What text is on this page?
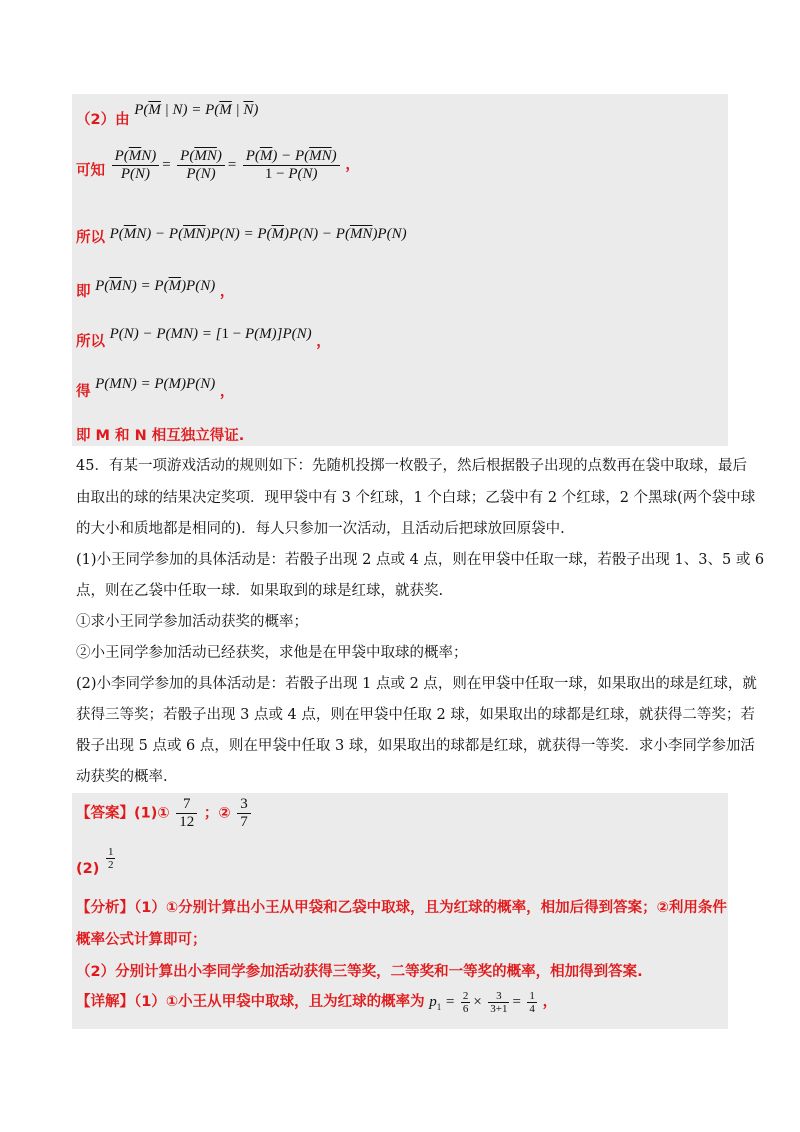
（2）由 $P(\overline{M}$ | $N) = P(\overline{M}$ | $\overline{N}$)
可知 $\frac{P(\overline{M}N)}{P(N)} = \frac{P(\overline{MN})}{P(\overline{N})} = \frac{P(\overline{M}) - P(\overline{MN})}{1 - P(N)}$ ，
所以 $P(\overline{M}N) - P(\overline{MN})P(N) = P(\overline{M})P(N) - P(\overline{MN})P(N)$
即 $P(\overline{M}N) = P(\overline{M})P(N)$ ，
所以 P(N) − P(MN) = [1 − P(M)]P(N) ，
得 P(MN) = P(M)P(N) ，
即 M 和 N 相互独立得证.
45．有某一项游戏活动的规则如下：先随机投掷一枚骰子，然后根据骰子出现的点数再在袋中取球，最后
由取出的球的结果决定奖项．现甲袋中有 3 个红球，1 个白球；乙袋中有 2 个红球，2 个黑球(两个袋中球
的大小和质地都是相同的)．每人只参加一次活动，且活动后把球放回原袋中.
(1)小王同学参加的具体活动是：若骰子出现 2 点或 4 点，则在甲袋中任取一球，若骰子出现 1、3、5 或 6
点，则在乙袋中任取一球．如果取到的球是红球，就获奖.
①求小王同学参加活动获奖的概率；
②小王同学参加活动已经获奖，求他是在甲袋中取球的概率；
(2)小李同学参加的具体活动是：若骰子出现 1 点或 2 点，则在甲袋中任取一球，如果取出的球是红球，就
获得三等奖；若骰子出现 3 点或 4 点，则在甲袋中任取 2 球，如果取出的球都是红球，就获得二等奖；若
骰子出现 5 点或 6 点，则在甲袋中任取 3 球，如果取出的球都是红球，就获得一等奖．求小李同学参加活
动获奖的概率.
【答案】(1)① $\frac{7}{12}$ ；② $\frac{3}{7}$
$(2) \frac{1}{2}$
【分析】（1）①分别计算出小王从甲袋和乙袋中取球，且为红球的概率，相加后得到答案；②利用条件
概率公式计算即可；
（2）分别计算出小李同学参加活动获得三等奖，二等奖和一等奖的概率，相加得到答案.
【详解】（1）①小王从甲袋中取球，且为红球的概率为 $p_1 = \frac{2}{6} \times \frac{3}{3+1} = \frac{1}{4}$ ，
